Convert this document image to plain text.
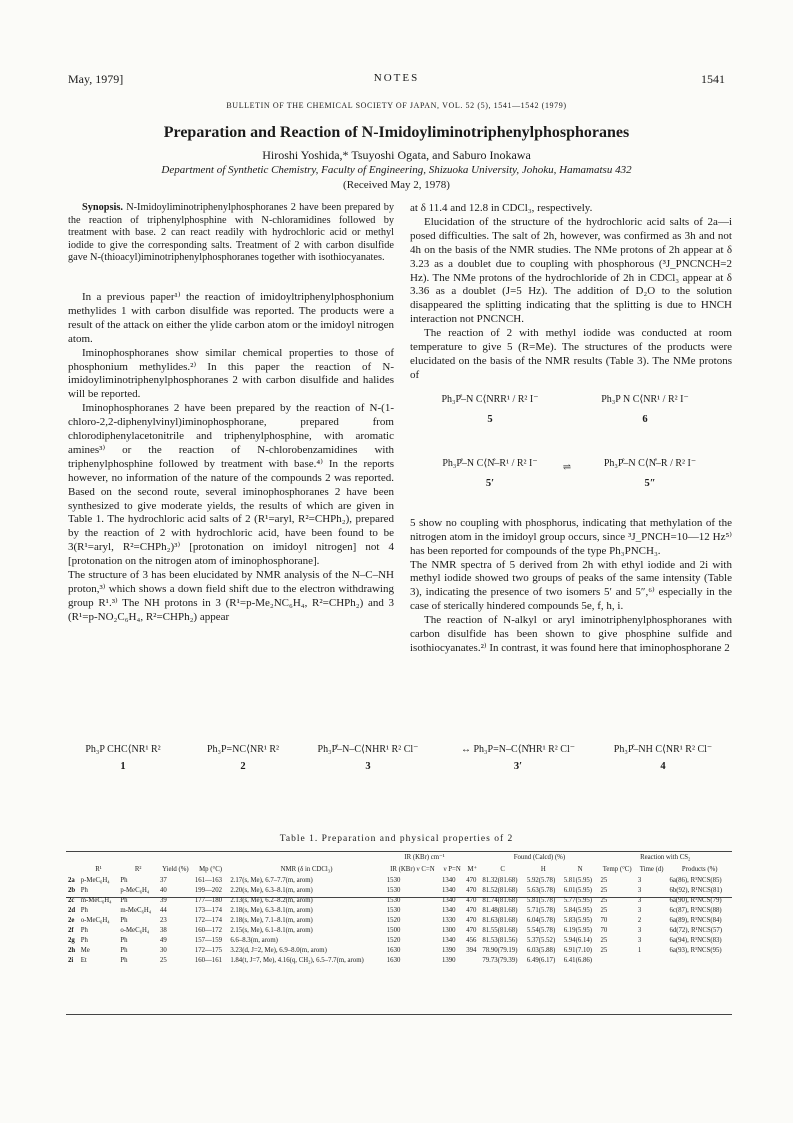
May, 1979]	NOTES	1541
BULLETIN OF THE CHEMICAL SOCIETY OF JAPAN, VOL. 52 (5), 1541—1542 (1979)
Preparation and Reaction of N-Imidoyliminotriphenylphosphoranes
Hiroshi Yoshida,* Tsuyoshi Ogata, and Saburo Inokawa
Department of Synthetic Chemistry, Faculty of Engineering, Shizuoka University, Johoku, Hamamatsu 432
(Received May 2, 1978)

Synopsis. N-Imidoyliminotriphenylphosphoranes 2 have been prepared by the reaction of triphenylphosphine with N-chloramidines followed by treatment with base. 2 can react readily with hydrochloric acid or methyl iodide to give the corresponding salts. Treatment of 2 with carbon disulfide gave N-(thioacyl)iminotriphenylphosphoranes together with isothiocyanates.

In a previous paper¹⁾ the reaction of imidoyltriphenylphosphonium methylides 1 with carbon disulfide was reported. The products were a result of the attack on either the ylide carbon atom or the imidoyl nitrogen atom.

Iminophosphoranes show similar chemical properties to those of phosphonium methylides.²⁾ In this paper the reaction of N-imidoyliminotriphenylphosphoranes 2 with carbon disulfide and halides will be reported.

Iminophosphoranes 2 have been prepared by the reaction of N-(1-chloro-2,2-diphenylvinyl)iminophosphorane, prepared from chlorodiphenylacetonitrile and triphenylphosphine, with aromatic amines³⁾ or the reaction of N-chlorobenzamidines with triphenylphosphine followed by treatment with base.⁴⁾ In the reports however, no information of the nature of the compounds 2 was reported. Based on the second route, several iminophosphoranes 2 have been synthesized to give moderate yields, the results of which are given in Table 1. The hydrochloric acid salts of 2 (R¹=aryl, R²=CHPh₂), prepared by the reaction of 2 with hydrochloric acid, have been found to be 3(R¹=aryl, R²=CHPh₂)³⁾ [protonation on imidoyl nitrogen] not 4 [protonation on the nitrogen atom of iminophosphorane].

The structure of 3 has been elucidated by NMR analysis of the N–C–NH proton,³⁾ which shows a down field shift due to the electron withdrawing group R¹.³⁾ The NH protons in 3 (R¹=p-Me₂NC₆H₄, R²=CHPh₂) and 3 (R¹=p-NO₂C₆H₄, R²=CHPh₂) appear

at δ 11.4 and 12.8 in CDCl₃, respectively.

Elucidation of the structure of the hydrochloric acid salts of 2a—i posed difficulties. The salt of 2h, however, was confirmed as 3h and not 4h on the basis of the NMR studies. The NMe protons of 2h appear at δ 3.23 as a doublet due to coupling with phosphorous (³J_PNCNCH=2 Hz). The NMe protons of the hydrochloride of 2h in CDCl₃ appear at δ 3.36 as a doublet (J=5 Hz). The addition of D₂O to the solution disappeared the splitting indicating that the splitting is due to HNCH interaction not PNCNCH.

The reaction of 2 with methyl iodide was conducted at room temperature to give 5 (R=Me). The structures of the products were elucidated on the basis of the NMR results (Table 3). The NMe protons of

Ph₃P̊–N C⟨NRR¹ / R² I⁻
5
Ph₃P N C⟨NR¹ / R² I⁻
6
Ph₃P̊–N C⟨N̊–R¹ / R² I⁻
5′
⇌	Ph₃P̊–N C⟨N̊–R / R² I⁻
5″

5 show no coupling with phosphorus, indicating that methylation of the nitrogen atom in the imidoyl group occurs, since ³J_PNCH=10—12 Hz⁵⁾ has been reported for compounds of the type Ph₃PNCH₃.

The NMR spectra of 5 derived from 2h with ethyl iodide and 2i with methyl iodide showed two groups of peaks of the same intensity (Table 3), indicating the presence of two isomers 5′ and 5″,⁶⁾ especially in the case of sterically hindered compounds 5e, f, h, i.

The reaction of N-alkyl or aryl iminotriphenylphosphoranes with carbon disulfide has been shown to give phosphine sulfide and isothiocyanates.²⁾ In contrast, it was found here that iminophosphorane 2

Ph₃P CHC⟨NR¹ R²
1
Ph₃P=NC⟨NR¹ R²
2
Ph₃P̊–N–C⟨NHR¹ R² Cl⁻
3
↔ Ph₃P=N–C⟨N̊HR¹ R² Cl⁻
3′
Ph₃P̊–NH C⟨NR¹ R² Cl⁻
4
Table 1. Preparation and physical properties of 2
						IR (KBr) cm⁻¹			Found (Calcd) (%)			Reaction with CS₂		
	R¹	R²	Yield (%)	Mp (°C)	NMR (δ in CDCl₃)	IR (KBr) ν C=N	ν P=N	M⁺	C	H	N	Temp (°C)	Time (d)	Products (%)
2a	p-MeC₆H₄	Ph	37	161—163	2.17(s, Me), 6.7–7.7(m, arom)	1530	1340	470	81.32(81.68)	5.92(5.78)	5.81(5.95)	25	3	6a(86), R¹NCS(85)
2b	Ph	p-MeC₆H₄	40	199—202	2.20(s, Me), 6.3–8.1(m, arom)	1530	1340	470	81.52(81.68)	5.63(5.78)	6.01(5.95)	25	3	6b(92), R¹NCS(81)
2c	m-MeC₆H₄	Ph	39	177—180	2.13(s, Me), 6.2–8.2(m, arom)	1530	1340	470	81.74(81.68)	5.81(5.78)	5.77(5.95)	25	3	6a(90), R¹NCS(79)
2d	Ph	m-MeC₆H₄	44	173—174	2.18(s, Me), 6.3–8.1(m, arom)	1530	1340	470	81.48(81.68)	5.71(5.78)	5.84(5.95)	25	3	6c(87), R¹NCS(88)
2e	o-MeC₆H₄	Ph	23	172—174	2.18(s, Me), 7.1–8.1(m, arom)	1520	1330	470	81.63(81.68)	6.04(5.78)	5.83(5.95)	70	2	6a(89), R¹NCS(84)
2f	Ph	o-MeC₆H₄	38	160—172	2.15(s, Me), 6.1–8.1(m, arom)	1500	1300	470	81.55(81.68)	5.54(5.78)	6.19(5.95)	70	3	6d(72), R¹NCS(57)
2g	Ph	Ph	49	157—159	6.6–8.3(m, arom)	1520	1340	456	81.53(81.56)	5.37(5.52)	5.94(6.14)	25	3	6a(94), R¹NCS(83)
2h	Me	Ph	30	172—175	3.23(d, J=2, Me), 6.9–8.0(m, arom)	1630	1390	394	78.90(79.19)	6.03(5.88)	6.91(7.10)	25	1	6a(93), R¹NCS(95)
2i	Et	Ph	25	160—161	1.84(t, J=7, Me), 4.16(q, CH₂), 6.5–7.7(m, arom)	1630	1390		79.73(79.39)	6.49(6.17)	6.41(6.86)			
